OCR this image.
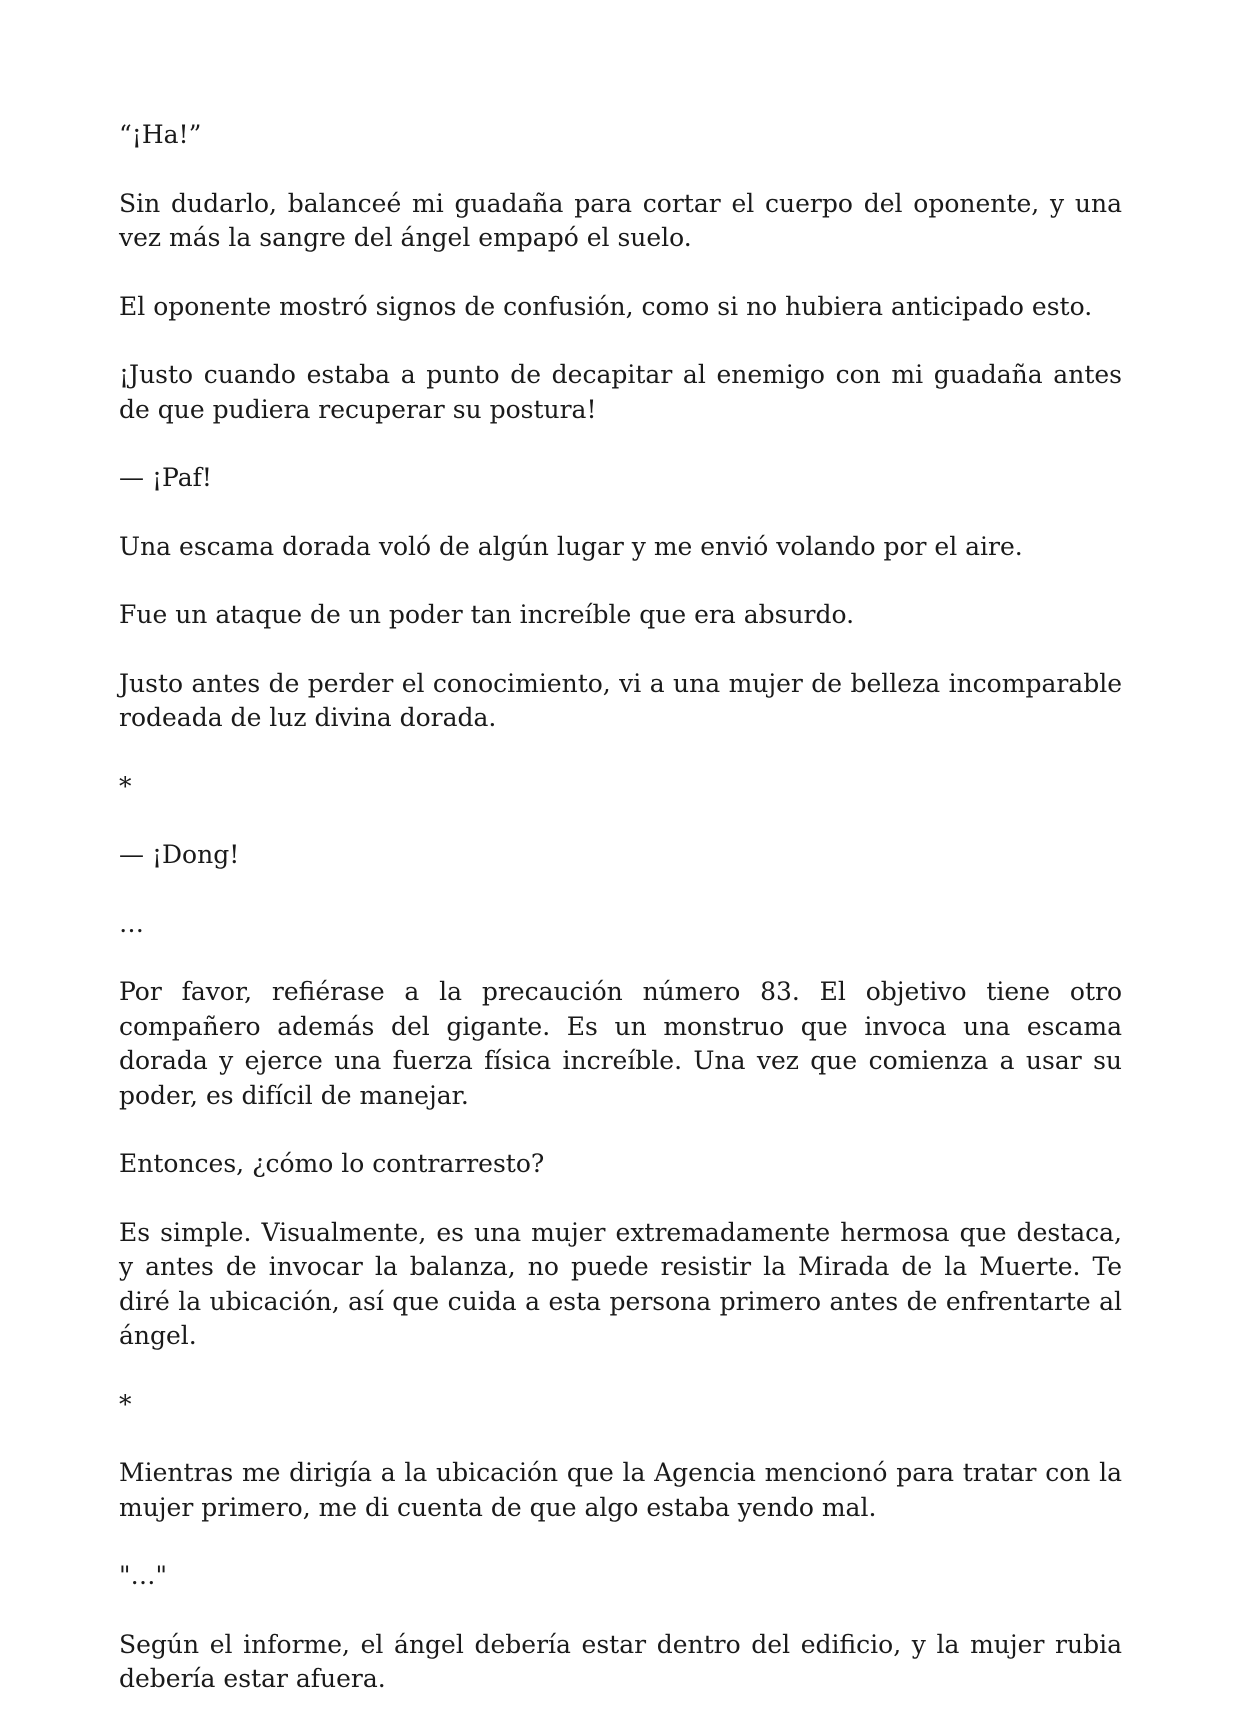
“¡Ha!”

Sin dudarlo, balanceé mi guadaña para cortar el cuerpo del oponente, y una vez más la sangre del ángel empapó el suelo.

El oponente mostró signos de confusión, como si no hubiera anticipado esto.

¡Justo cuando estaba a punto de decapitar al enemigo con mi guadaña antes de que pudiera recuperar su postura!

— ¡Paf!

Una escama dorada voló de algún lugar y me envió volando por el aire.

Fue un ataque de un poder tan increíble que era absurdo.

Justo antes de perder el conocimiento, vi a una mujer de belleza incomparable rodeada de luz divina dorada.

*

— ¡Dong!

…

Por favor, refiérase a la precaución número 83. El objetivo tiene otro compañero además del gigante. Es un monstruo que invoca una escama dorada y ejerce una fuerza física increíble. Una vez que comienza a usar su poder, es difícil de manejar.

Entonces, ¿cómo lo contrarresto?

Es simple. Visualmente, es una mujer extremadamente hermosa que destaca, y antes de invocar la balanza, no puede resistir la Mirada de la Muerte. Te diré la ubicación, así que cuida a esta persona primero antes de enfrentarte al ángel.

*

Mientras me dirigía a la ubicación que la Agencia mencionó para tratar con la mujer primero, me di cuenta de que algo estaba yendo mal.

"…"

Según el informe, el ángel debería estar dentro del edificio, y la mujer rubia debería estar afuera.
